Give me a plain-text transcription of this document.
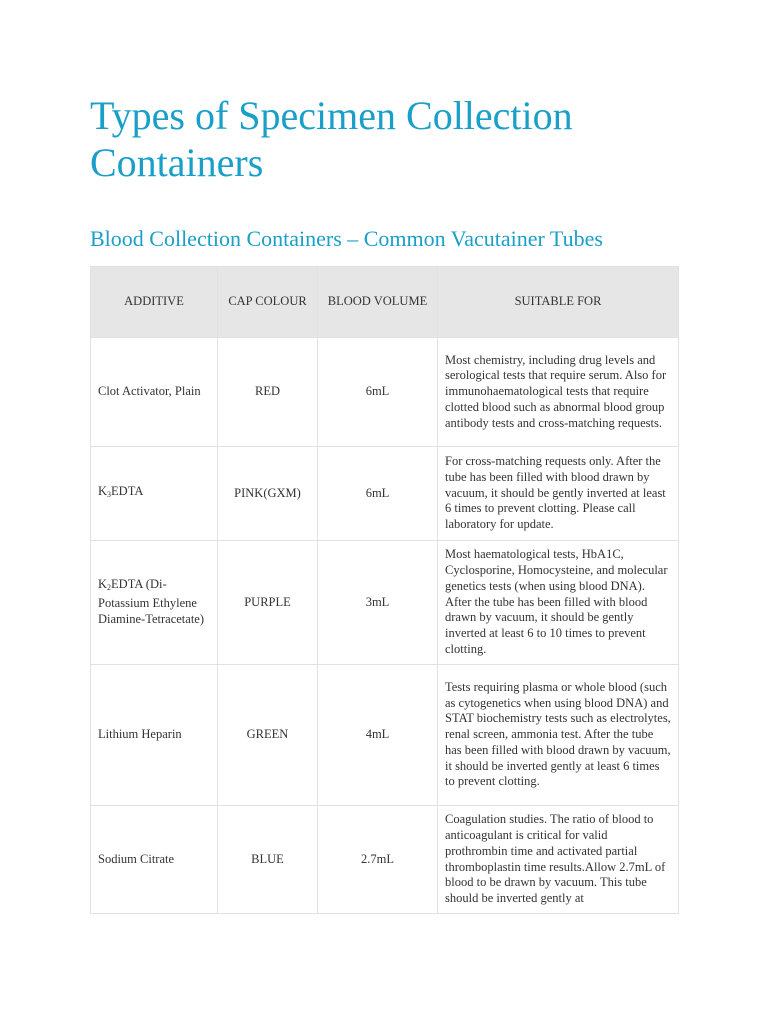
Types of Specimen Collection Containers
Blood Collection Containers – Common Vacutainer Tubes
ADDITIVE	CAP COLOUR	BLOOD VOLUME	SUITABLE FOR
Clot Activator, Plain	RED	6mL	Most chemistry, including drug levels and serological tests that require serum. Also for immunohaematological tests that require clotted blood such as abnormal blood group antibody tests and cross-matching requests.
$K_3EDTA$	PINK(GXM)	6mL	For cross-matching requests only. After the tube has been filled with blood drawn by vacuum, it should be gently inverted at least 6 times to prevent clotting. Please call laboratory for update.
$K_2EDTA$ (Di-Potassium Ethylene Diamine-Tetracetate)	PURPLE	3mL	Most haematological tests, HbA1C, Cyclosporine, Homocysteine, and molecular genetics tests (when using blood DNA). After the tube has been filled with blood drawn by vacuum, it should be gently inverted at least 6 to 10 times to prevent clotting.
Lithium Heparin	GREEN	4mL	Tests requiring plasma or whole blood (such as cytogenetics when using blood DNA) and STAT biochemistry tests such as electrolytes, renal screen, ammonia test. After the tube has been filled with blood drawn by vacuum, it should be inverted gently at least 6 times to prevent clotting.
Sodium Citrate	BLUE	2.7mL	Coagulation studies. The ratio of blood to anticoagulant is critical for valid prothrombin time and activated partial thromboplastin time results.Allow 2.7mL of blood to be drawn by vacuum. This tube should be inverted gently at
